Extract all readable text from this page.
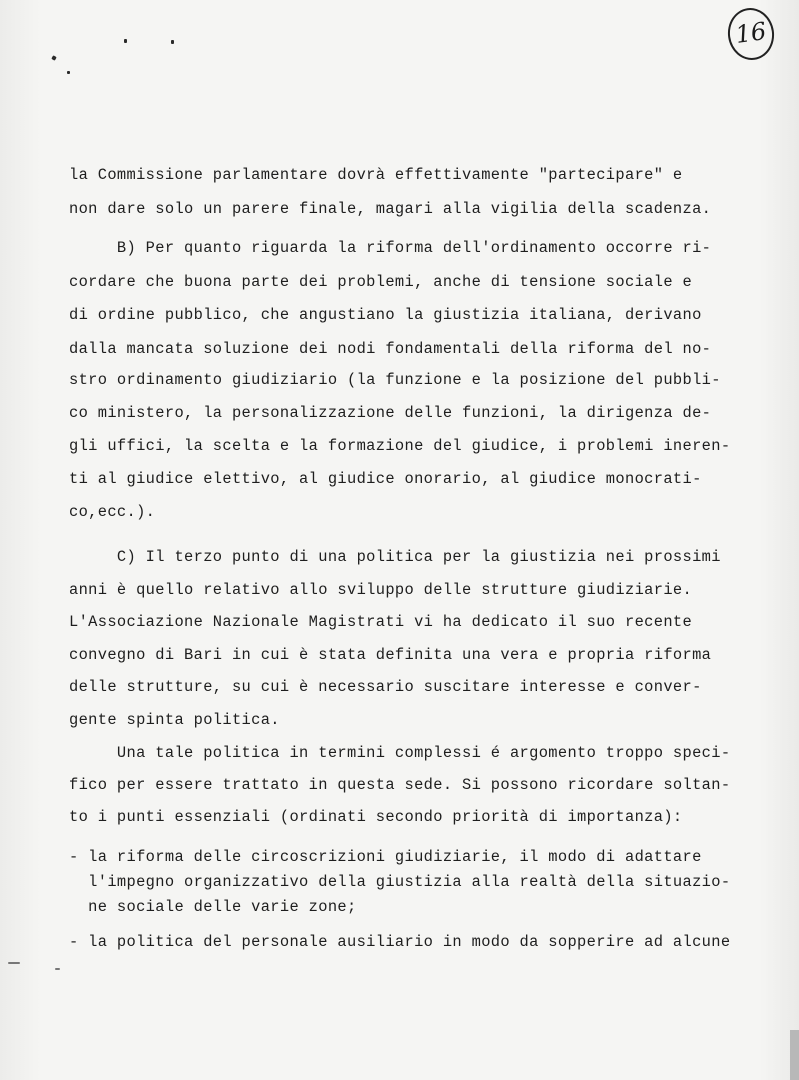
16
la Commissione parlamentare dovrà effettivamente "partecipare" e
non dare solo un parere finale, magari alla vigilia della scadenza.
B) Per quanto riguarda la riforma dell'ordinamento occorre ri-
cordare che buona parte dei problemi, anche di tensione sociale e
di ordine pubblico, che angustiano la giustizia italiana, derivano
dalla mancata soluzione dei nodi fondamentali della riforma del no-
stro ordinamento giudiziario (la funzione e la posizione del pubbli-
co ministero, la personalizzazione delle funzioni, la dirigenza de-
gli uffici, la scelta e la formazione del giudice, i problemi ineren-
ti al giudice elettivo, al giudice onorario, al giudice monocrati-
co,ecc.).
C) Il terzo punto di una politica per la giustizia nei prossimi
anni è quello relativo allo sviluppo delle strutture giudiziarie.
L'Associazione Nazionale Magistrati vi ha dedicato il suo recente
convegno di Bari in cui è stata definita una vera e propria riforma
delle strutture, su cui è necessario suscitare interesse e conver-
gente spinta politica.
Una tale politica in termini complessi é argomento troppo speci-
fico per essere trattato in questa sede. Si possono ricordare soltan-
to i punti essenziali (ordinati secondo priorità di importanza):
- la riforma delle circoscrizioni giudiziarie, il modo di adattare
l'impegno organizzativo della giustizia alla realtà della situazio-
ne sociale delle varie zone;
- la politica del personale ausiliario in modo da sopperire ad alcune
